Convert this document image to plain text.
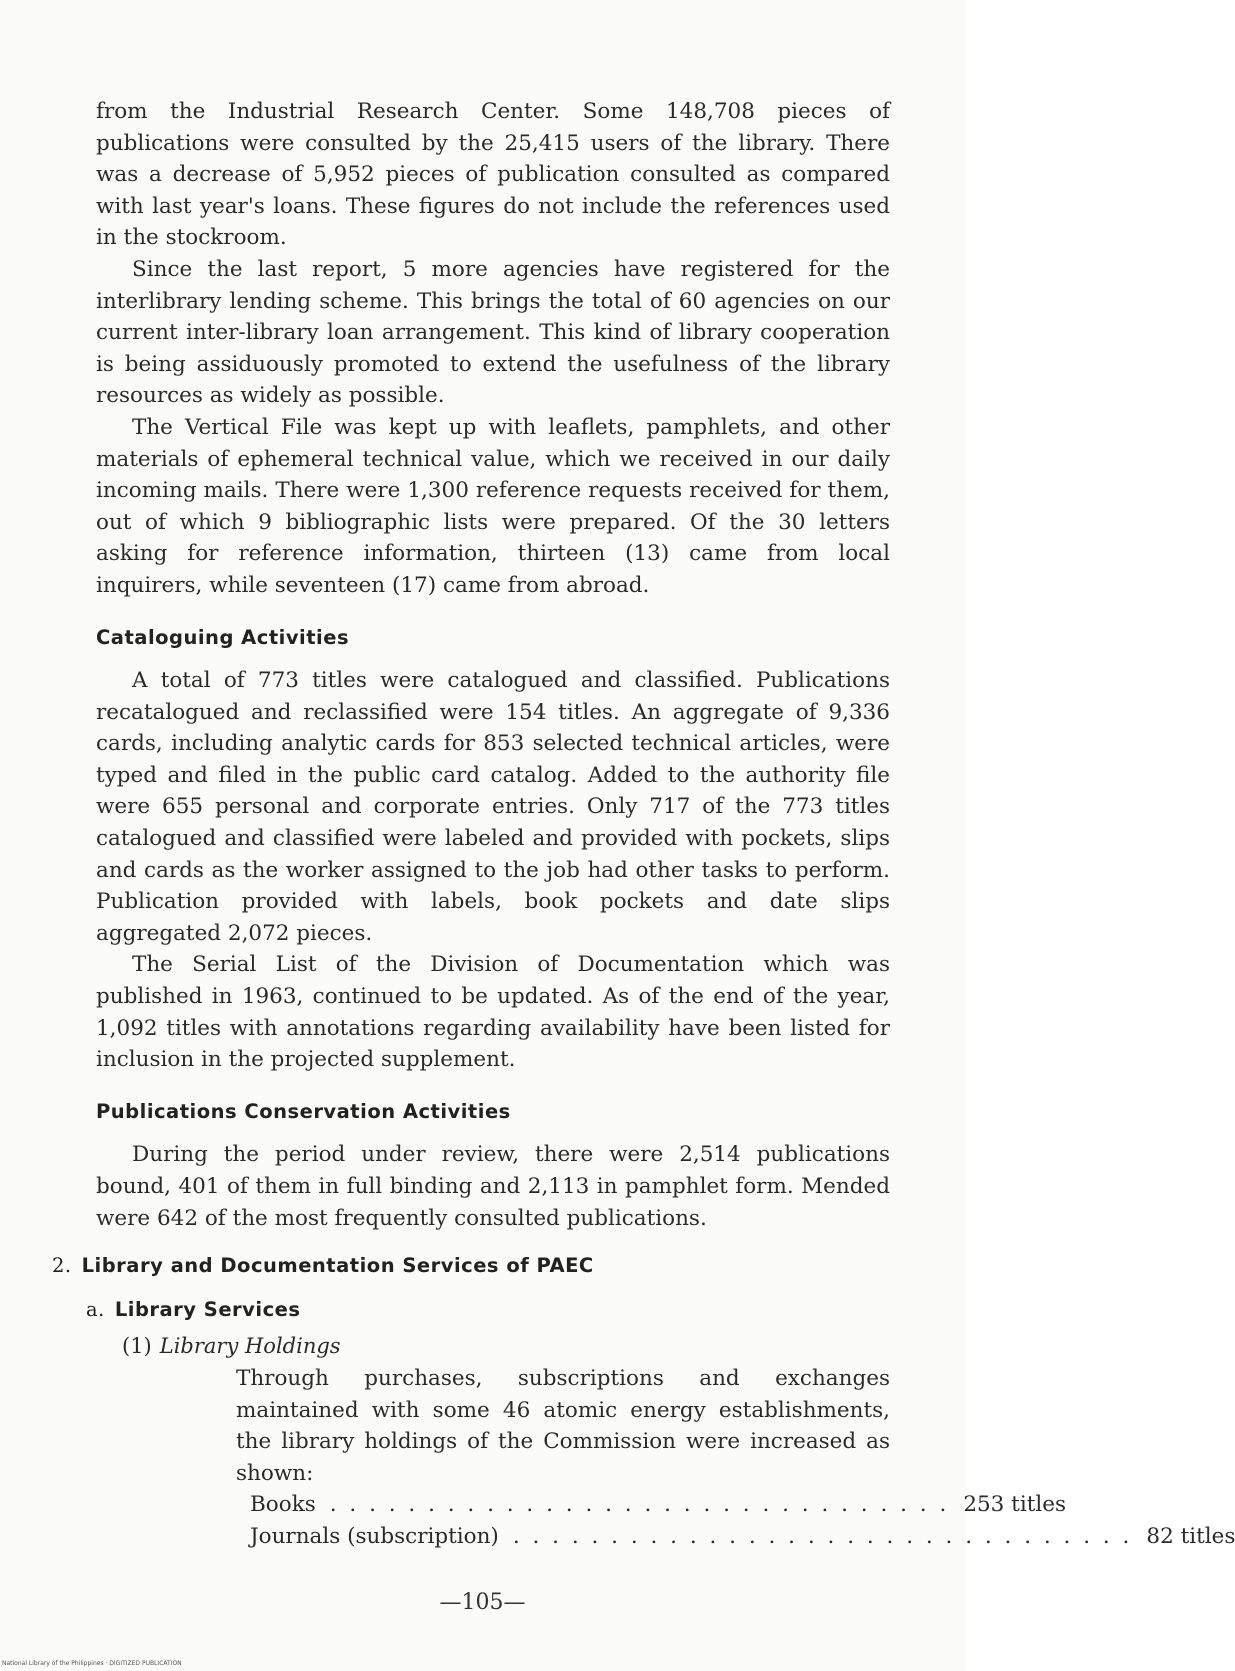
from the Industrial Research Center. Some 148,708 pieces of publications were consulted by the 25,415 users of the library. There was a decrease of 5,952 pieces of publication consulted as compared with last year's loans. These figures do not include the references used in the stockroom.

Since the last report, 5 more agencies have registered for the interlibrary lending scheme. This brings the total of 60 agencies on our current inter-library loan arrangement. This kind of library cooperation is being assiduously promoted to extend the usefulness of the library resources as widely as possible.

The Vertical File was kept up with leaflets, pamphlets, and other materials of ephemeral technical value, which we received in our daily incoming mails. There were 1,300 reference requests received for them, out of which 9 bibliographic lists were prepared. Of the 30 letters asking for reference information, thirteen (13) came from local inquirers, while seventeen (17) came from abroad.

Cataloguing Activities

A total of 773 titles were catalogued and classified. Publications recatalogued and reclassified were 154 titles. An aggregate of 9,336 cards, including analytic cards for 853 selected technical articles, were typed and filed in the public card catalog. Added to the authority file were 655 personal and corporate entries. Only 717 of the 773 titles catalogued and classified were labeled and provided with pockets, slips and cards as the worker assigned to the job had other tasks to perform. Publication provided with labels, book pockets and date slips aggregated 2,072 pieces.

The Serial List of the Division of Documentation which was published in 1963, continued to be updated. As of the end of the year, 1,092 titles with annotations regarding availability have been listed for inclusion in the projected supplement.

Publications Conservation Activities

During the period under review, there were 2,514 publications bound, 401 of them in full binding and 2,113 in pamphlet form. Mended were 642 of the most frequently consulted publications.

2. Library and Documentation Services of PAEC
a. Library Services
(1) Library Holdings

Through purchases, subscriptions and exchanges maintained with some 46 atomic energy establishments, the library holdings of the Commission were increased as shown:

Books . . . . . . . . . . . . . . . . . . . . . . . . . . . . . . . . 253 titles
Journals (subscription) . . . . . . . . . . . . . . . . . . . . . . . . . . . . . . . . 82 titles
—105—
National Library of the Philippines · DIGITIZED PUBLICATION
